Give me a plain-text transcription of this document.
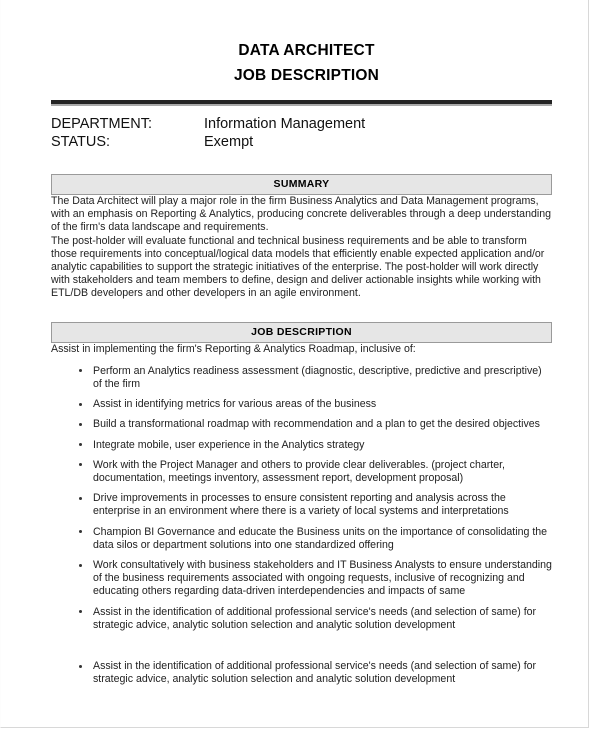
DATA ARCHITECT
JOB DESCRIPTION
DEPARTMENT:	Information Management
STATUS:	Exempt
SUMMARY

The Data Architect will play a major role in the firm Business Analytics and Data Management programs, with an emphasis on Reporting & Analytics, producing concrete deliverables through a deep understanding of the firm's data landscape and requirements.

The post-holder will evaluate functional and technical business requirements and be able to transform those requirements into conceptual/logical data models that efficiently enable expected application and/or analytic capabilities to support the strategic initiatives of the enterprise. The post-holder will work directly with stakeholders and team members to define, design and deliver actionable insights while working with ETL/DB developers and other developers in an agile environment.

JOB DESCRIPTION

Assist in implementing the firm's Reporting & Analytics Roadmap, inclusive of:

Perform an Analytics readiness assessment (diagnostic, descriptive, predictive and prescriptive) of the firm
Assist in identifying metrics for various areas of the business
Build a transformational roadmap with recommendation and a plan to get the desired objectives
Integrate mobile, user experience in the Analytics strategy
Work with the Project Manager and others to provide clear deliverables. (project charter, documentation, meetings inventory, assessment report, development proposal)
Drive improvements in processes to ensure consistent reporting and analysis across the enterprise in an environment where there is a variety of local systems and interpretations
Champion BI Governance and educate the Business units on the importance of consolidating the data silos or department solutions into one standardized offering
Work consultatively with business stakeholders and IT Business Analysts to ensure understanding of the business requirements associated with ongoing requests, inclusive of recognizing and educating others regarding data-driven interdependencies and impacts of same
Assist in the identification of additional professional service's needs (and selection of same) for strategic advice, analytic solution selection and analytic solution development
Assist in the identification of additional professional service's needs (and selection of same) for strategic advice, analytic solution selection and analytic solution development
